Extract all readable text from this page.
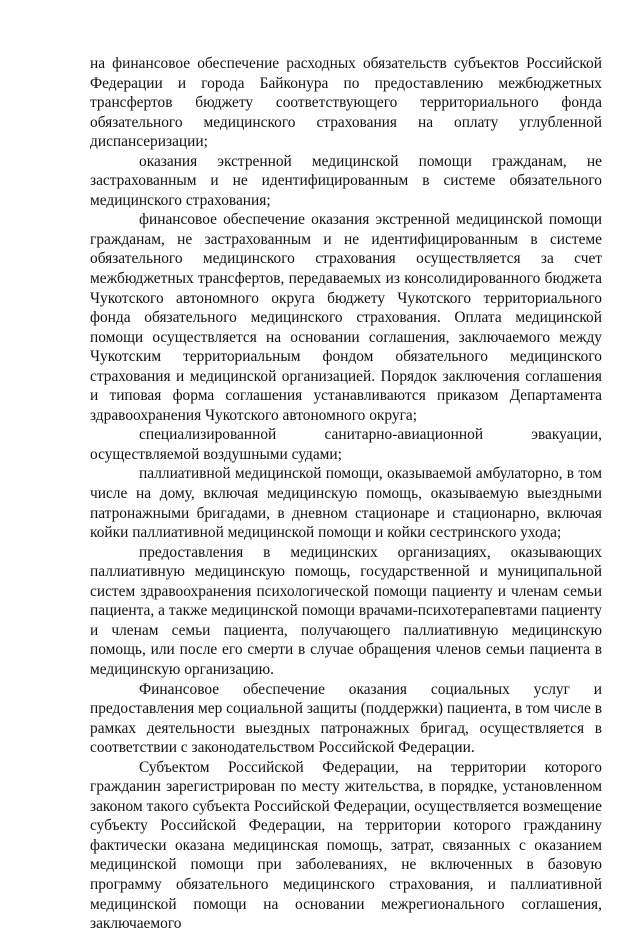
на финансовое обеспечение расходных обязательств субъектов Российской Федерации и города Байконура по предоставлению межбюджетных трансфертов бюджету соответствующего территориального фонда обязательного медицинского страхования на оплату углубленной диспансеризации;

оказания экстренной медицинской помощи гражданам, не застрахованным и не идентифицированным в системе обязательного медицинского страхования;

финансовое обеспечение оказания экстренной медицинской помощи гражданам, не застрахованным и не идентифицированным в системе обязательного медицинского страхования осуществляется за счет межбюджетных трансфертов, передаваемых из консолидированного бюджета Чукотского автономного округа бюджету Чукотского территориального фонда обязательного медицинского страхования. Оплата медицинской помощи осуществляется на основании соглашения, заключаемого между Чукотским территориальным фондом обязательного медицинского страхования и медицинской организацией. Порядок заключения соглашения и типовая форма соглашения устанавливаются приказом Департамента здравоохранения Чукотского автономного округа;

специализированной санитарно-авиационной эвакуации, осуществляемой воздушными судами;

паллиативной медицинской помощи, оказываемой амбулаторно, в том числе на дому, включая медицинскую помощь, оказываемую выездными патронажными бригадами, в дневном стационаре и стационарно, включая койки паллиативной медицинской помощи и койки сестринского ухода;

предоставления в медицинских организациях, оказывающих паллиативную медицинскую помощь, государственной и муниципальной систем здравоохранения психологической помощи пациенту и членам семьи пациента, а также медицинской помощи врачами-психотерапевтами пациенту и членам семьи пациента, получающего паллиативную медицинскую помощь, или после его смерти в случае обращения членов семьи пациента в медицинскую организацию.

Финансовое обеспечение оказания социальных услуг и предоставления мер социальной защиты (поддержки) пациента, в том числе в рамках деятельности выездных патронажных бригад, осуществляется в соответствии с законодательством Российской Федерации.

Субъектом Российской Федерации, на территории которого гражданин зарегистрирован по месту жительства, в порядке, установленном законом такого субъекта Российской Федерации, осуществляется возмещение субъекту Российской Федерации, на территории которого гражданину фактически оказана медицинская помощь, затрат, связанных с оказанием медицинской помощи при заболеваниях, не включенных в базовую программу обязательного медицинского страхования, и паллиативной медицинской помощи на основании межрегионального соглашения, заключаемого
